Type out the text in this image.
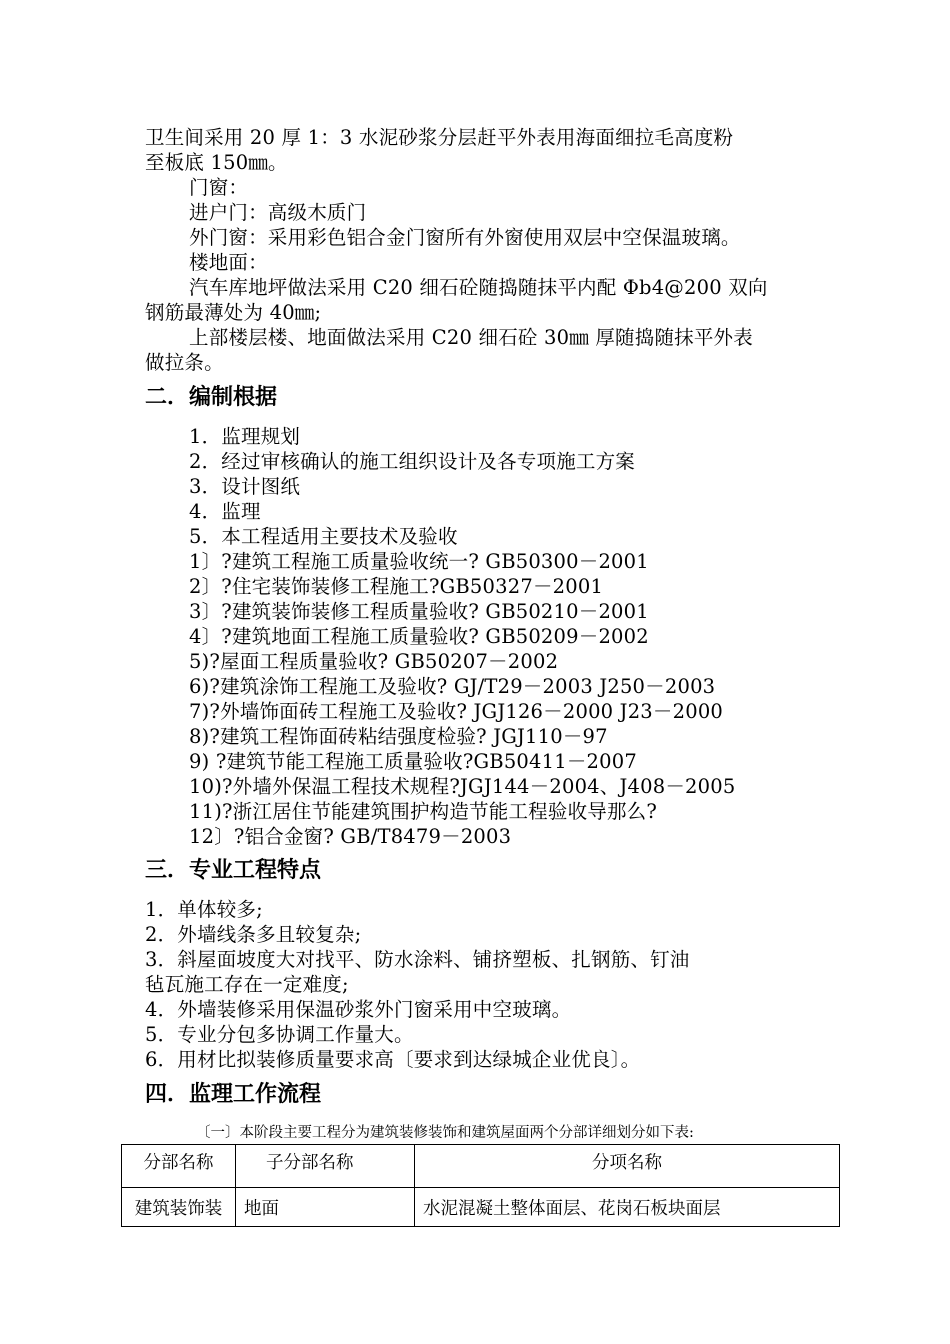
卫生间采用 20 厚 1：3 水泥砂浆分层赶平外表用海面细拉毛高度粉
至板底 150㎜。
门窗：
进户门：高级木质门
外门窗：采用彩色铝合金门窗所有外窗使用双层中空保温玻璃。
楼地面：
汽车库地坪做法采用 C20 细石砼随捣随抹平内配 Φb4@200 双向
钢筋最薄处为 40㎜;
上部楼层楼、地面做法采用 C20 细石砼 30㎜ 厚随捣随抹平外表
做拉条。
二．编制根据
1．监理规划
2．经过审核确认的施工组织设计及各专项施工方案
3．设计图纸
4．监理
5．本工程适用主要技术及验收
1〕?建筑工程施工质量验收统一? GB50300－2001
2〕?住宅装饰装修工程施工?GB50327－2001
3〕?建筑装饰装修工程质量验收? GB50210－2001
4〕?建筑地面工程施工质量验收? GB50209－2002
5)?屋面工程质量验收? GB50207－2002
6)?建筑涂饰工程施工及验收? GJ/T29－2003 J250－2003
7)?外墙饰面砖工程施工及验收? JGJ126－2000 J23－2000
8)?建筑工程饰面砖粘结强度检验? JGJ110－97
9) ?建筑节能工程施工质量验收?GB50411－2007
10)?外墙外保温工程技术规程?JGJ144－2004、J408－2005
11)?浙江居住节能建筑围护构造节能工程验收导那么?
12〕?铝合金窗? GB/T8479－2003
三．专业工程特点
1．单体较多;
2．外墙线条多且较复杂;
3．斜屋面坡度大对找平、防水涂料、铺挤塑板、扎钢筋、钉油
毡瓦施工存在一定难度;
4．外墙装修采用保温砂浆外门窗采用中空玻璃。
5．专业分包多协调工作量大。
6．用材比拟装修质量要求高〔要求到达绿城企业优良〕。
四．监理工作流程
〔一〕本阶段主要工程分为建筑装修装饰和建筑屋面两个分部详细划分如下表:
分部名称	子分部名称	分项名称
建筑装饰装	地面	水泥混凝土整体面层、花岗石板块面层
